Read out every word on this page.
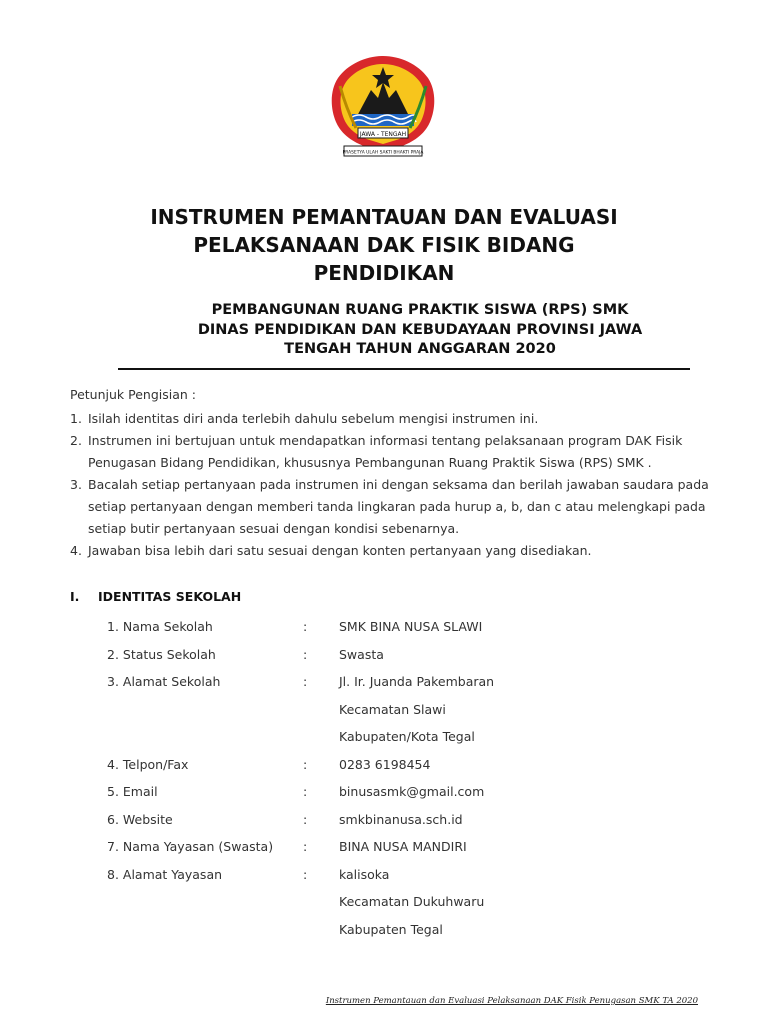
JAWA - TENGAH
PRASETYA ULAH SAKTI BHAKTI PRAJA
INSTRUMEN PEMANTAUAN DAN EVALUASI
PELAKSANAAN DAK FISIK BIDANG
PENDIDIKAN
PEMBANGUNAN RUANG PRAKTIK SISWA (RPS) SMK
DINAS PENDIDIKAN DAN KEBUDAYAAN PROVINSI JAWA
TENGAH TAHUN ANGGARAN 2020
Petunjuk Pengisian :
1. Isilah identitas diri anda terlebih dahulu sebelum mengisi instrumen ini.
2. Instrumen ini bertujuan untuk mendapatkan informasi tentang pelaksanaan program DAK Fisik Penugasan Bidang Pendidikan, khususnya Pembangunan Ruang Praktik Siswa (RPS) SMK .
3. Bacalah setiap pertanyaan pada instrumen ini dengan seksama dan berilah jawaban saudara pada setiap pertanyaan dengan memberi tanda lingkaran pada hurup a, b, dan c atau melengkapi pada setiap butir pertanyaan sesuai dengan kondisi sebenarnya.
4. Jawaban bisa lebih dari satu sesuai dengan konten pertanyaan yang disediakan.
I. IDENTITAS SEKOLAH
1. Nama Sekolah	:	SMK BINA NUSA SLAWI
2. Status Sekolah	:	Swasta
3. Alamat Sekolah	:	Jl. Ir. Juanda Pakembaran
Kecamatan Slawi
Kabupaten/Kota Tegal
4. Telpon/Fax	:	0283 6198454
5. Email	:	binusasmk@gmail.com
6. Website	:	smkbinanusa.sch.id
7. Nama Yayasan (Swasta)	:	BINA NUSA MANDIRI
8. Alamat Yayasan	:	kalisoka
Kecamatan Dukuhwaru
Kabupaten Tegal
Instrumen Pemantauan dan Evaluasi Pelaksanaan DAK Fisik Penugasan SMK TA 2020
